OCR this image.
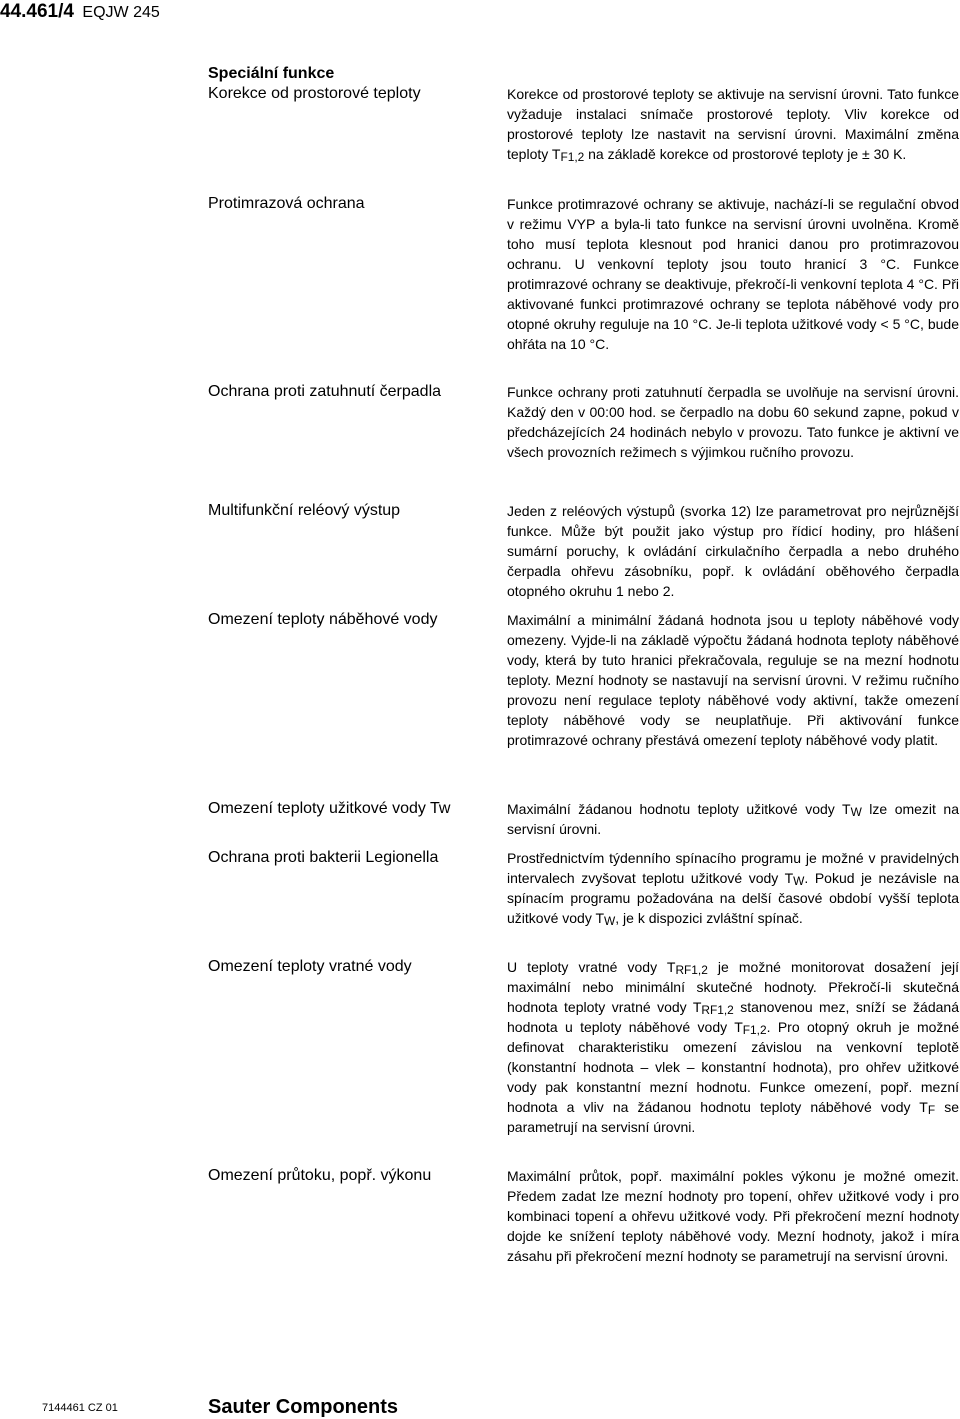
44.461/4 EQJW 245
Speciální funkce
Korekce od prostorové teploty	Korekce od prostorové teploty se aktivuje na servisní úrovni. Tato funkce vyžaduje instalaci snímače prostorové teploty. Vliv korekce od prostorové teploty lze nastavit na servisní úrovni. Maximální změna teploty $T_{F1,2}$ na základě korekce od prostorové teploty je ± 30 K.

Protimrazová ochrana	Funkce protimrazové ochrany se aktivuje, nachází-li se regulační obvod v režimu VYP a byla-li tato funkce na servisní úrovni uvolněna. Kromě toho musí teplota klesnout pod hranici danou pro protimrazovou ochranu. U venkovní teploty jsou touto hranicí 3 °C. Funkce protimrazové ochrany se deaktivuje, překročí-li venkovní teplota 4 °C. Při aktivované funkci protimrazové ochrany se teplota náběhové vody pro otopné okruhy reguluje na 10 °C. Je-li teplota užitkové vody < 5 °C, bude ohřáta na 10 °C.

Ochrana proti zatuhnutí čerpadla	Funkce ochrany proti zatuhnutí čerpadla se uvolňuje na servisní úrovni. Každý den v 00:00 hod. se čerpadlo na dobu 60 sekund zapne, pokud v předcházejících 24 hodinách nebylo v provozu. Tato funkce je aktivní ve všech provozních režimech s výjimkou ručního provozu.

Multifunkční reléový výstup	Jeden z reléových výstupů (svorka 12) lze parametrovat pro nejrůznější funkce. Může být použit jako výstup pro řídicí hodiny, pro hlášení sumární poruchy, k ovládání cirkulačního čerpadla a nebo druhého čerpadla ohřevu zásobníku, popř. k ovládání oběhového čerpadla otopného okruhu 1 nebo 2.

Omezení teploty náběhové vody	Maximální a minimální žádaná hodnota jsou u teploty náběhové vody omezeny. Vyjde-li na základě výpočtu žádaná hodnota teploty náběhové vody, která by tuto hranici překračovala, reguluje se na mezní hodnotu teploty. Mezní hodnoty se nastavují na servisní úrovni. V režimu ručního provozu není regulace teploty náběhové vody aktivní, takže omezení teploty náběhové vody se neuplatňuje. Při aktivování funkce protimrazové ochrany přestává omezení teploty náběhové vody platit.

Omezení teploty užitkové vody Tw	Maximální žádanou hodnotu teploty užitkové vody $T_W$ lze omezit na servisní úrovni.

Ochrana proti bakterii Legionella	Prostřednictvím týdenního spínacího programu je možné v pravidelných intervalech zvyšovat teplotu užitkové vody $T_W$. Pokud je nezávisle na spínacím programu požadována na delší časové období vyšší teplota užitkové vody $T_W$, je k dispozici zvláštní spínač.

Omezení teploty vratné vody	U teploty vratné vody $T_{RF1,2}$ je možné monitorovat dosažení její maximální nebo minimální skutečné hodnoty. Překročí-li skutečná hodnota teploty vratné vody $T_{RF1,2}$ stanovenou mez, sníží se žádaná hodnota u teploty náběhové vody $T_{F1,2}$. Pro otopný okruh je možné definovat charakteristiku omezení závislou na venkovní teplotě (konstantní hodnota – vlek – konstantní hodnota), pro ohřev užitkové vody pak konstantní mezní hodnotu. Funkce omezení, popř. mezní hodnota a vliv na žádanou hodnotu teploty náběhové vody $T_F$ se parametrují na servisní úrovni.

Omezení průtoku, popř. výkonu	Maximální průtok, popř. maximální pokles výkonu je možné omezit. Předem zadat lze mezní hodnoty pro topení, ohřev užitkové vody i pro kombinaci topení a ohřevu užitkové vody. Při překročení mezní hodnoty dojde ke snížení teploty náběhové vody. Mezní hodnoty, jakož i míra zásahu při překročení mezní hodnoty se parametrují na servisní úrovni.

7144461 CZ 01	Sauter Components
